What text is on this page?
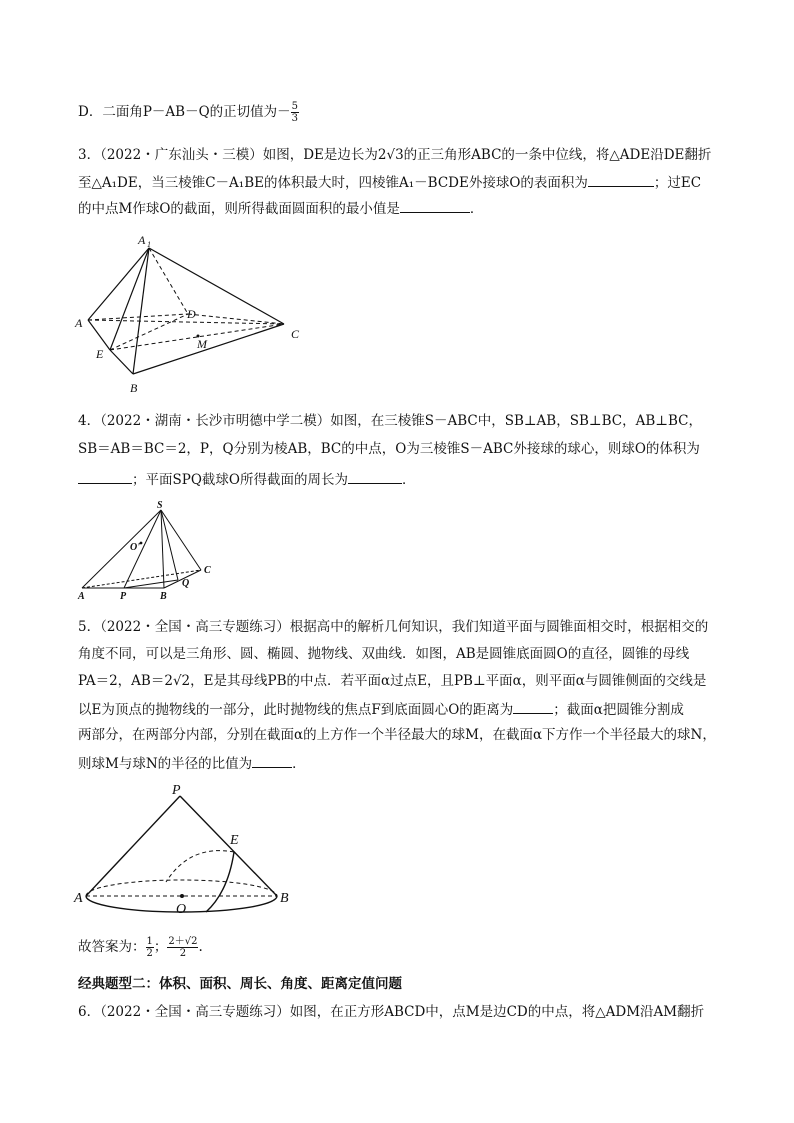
D．二面角P－AB－Q的正切值为－ $\frac{5}{3}$
3．（2022・广东汕头・三模）如图，DE是边长为2√3的正三角形ABC的一条中位线，将△ADE沿DE翻折
至△A₁DE，当三棱锥C－A₁BE的体积最大时，四棱锥A₁－BCDE外接球O的表面积为	；过EC
的中点M作球O的截面，则所得截面圆面积的最小值是	．
A 1
A
D
C
E
M
B
4．（2022・湖南・长沙市明德中学二模）如图，在三棱锥S－ABC中，SB⊥AB，SB⊥BC，AB⊥BC，
SB＝AB＝BC＝2，P，Q分别为棱AB，BC的中点，O为三棱锥S－ABC外接球的球心，则球O的体积为
；平面SPQ截球O所得截面的周长为	．
S
O'
C
Q
A	P	B
5．（2022・全国・高三专题练习）根据高中的解析几何知识，我们知道平面与圆锥面相交时，根据相交的
角度不同，可以是三角形、圆、椭圆、抛物线、双曲线．如图，AB是圆锥底面圆O的直径，圆锥的母线
PA＝2，AB＝2√2，E是其母线PB的中点．若平面α过点E，且PB⊥平面α，则平面α与圆锥侧面的交线是
以E为顶点的抛物线的一部分，此时抛物线的焦点F到底面圆心O的距离为	；截面α把圆锥分割成
两部分，在两部分内部，分别在截面α的上方作一个半径最大的球M，在截面α下方作一个半径最大的球N，
则球M与球N的半径的比值为	．
P
E
A
O
B
故答案为： $\frac{1}{2}$ ； $\frac{2+√2}{2}$ .
经典题型二：体积、面积、周长、角度、距离定值问题
6．（2022・全国・高三专题练习）如图，在正方形ABCD中，点M是边CD的中点，将△ADM沿AM翻折
